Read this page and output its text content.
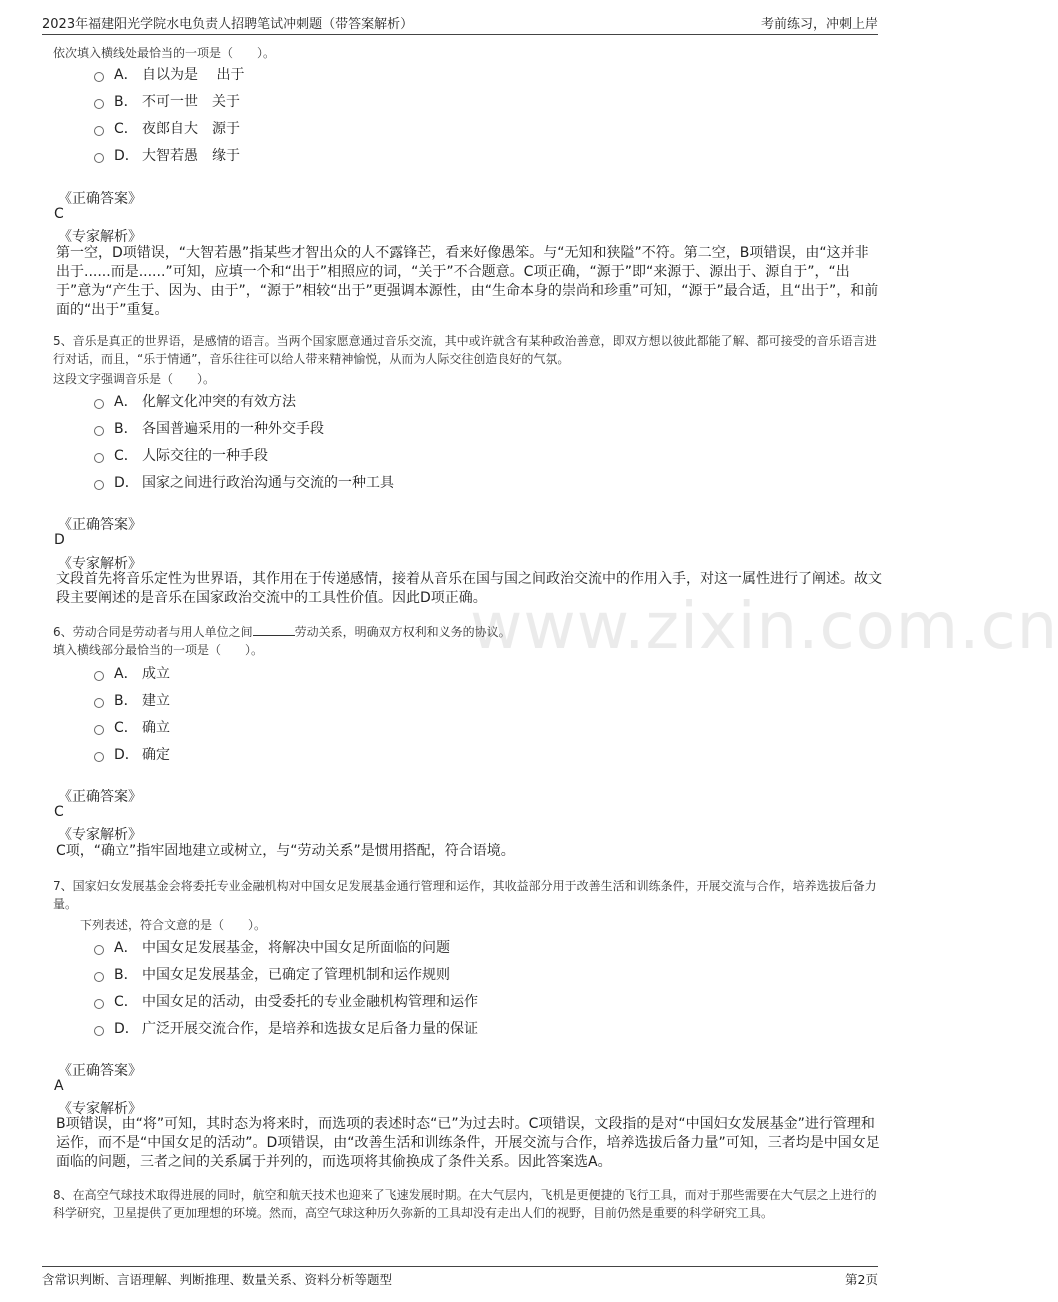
2023年福建阳光学院水电负责人招聘笔试冲刺题（带答案解析）	考前练习，冲刺上岸
www.zixin.com.cn
依次填入横线处最恰当的一项是（　　）。
A． 自以为是　 出于
B． 不可一世　关于
C． 夜郎自大　源于
D． 大智若愚　缘于
《正确答案》
C
《专家解析》
第一空，D项错误，“大智若愚”指某些才智出众的人不露锋芒，看来好像愚笨。与“无知和狭隘”不符。第二空，B项错误，由“这并非出于......而是......”可知，应填一个和“出于”相照应的词，“关于”不合题意。C项正确，“源于”即“来源于、源出于、源自于”，“出于”意为“产生于、因为、由于”，“源于”相较“出于”更强调本源性，由“生命本身的崇尚和珍重”可知，“源于”最合适，且“出于”，和前面的“出于”重复。
5、音乐是真正的世界语，是感情的语言。当两个国家愿意通过音乐交流，其中或许就含有某种政治善意，即双方想以彼此都能了解、都可接受的音乐语言进行对话，而且，“乐于情通”，音乐往往可以给人带来精神愉悦，从而为人际交往创造良好的气氛。
这段文字强调音乐是（　　）。
A． 化解文化冲突的有效方法
B． 各国普遍采用的一种外交手段
C． 人际交往的一种手段
D． 国家之间进行政治沟通与交流的一种工具
《正确答案》
D
《专家解析》
文段首先将音乐定性为世界语，其作用在于传递感情，接着从音乐在国与国之间政治交流中的作用入手，对这一属性进行了阐述。故文段主要阐述的是音乐在国家政治交流中的工具性价值。因此D项正确。
6、劳动合同是劳动者与用人单位之间	劳动关系，明确双方权利和义务的协议。
填入横线部分最恰当的一项是（　　）。
A． 成立
B． 建立
C． 确立
D． 确定
《正确答案》
C
《专家解析》
C项，“确立”指牢固地建立或树立，与“劳动关系”是惯用搭配，符合语境。
7、国家妇女发展基金会将委托专业金融机构对中国女足发展基金通行管理和运作，其收益部分用于改善生活和训练条件，开展交流与合作，培养选拔后备力量。
下列表述，符合文意的是（　　）。
A． 中国女足发展基金，将解决中国女足所面临的问题
B． 中国女足发展基金，已确定了管理机制和运作规则
C． 中国女足的活动，由受委托的专业金融机构管理和运作
D． 广泛开展交流合作，是培养和选拔女足后备力量的保证
《正确答案》
A
《专家解析》
B项错误，由“将”可知，其时态为将来时，而选项的表述时态“已”为过去时。C项错误，文段指的是对“中国妇女发展基金”进行管理和运作，而不是“中国女足的活动”。D项错误，由“改善生活和训练条件，开展交流与合作，培养选拔后备力量”可知，三者均是中国女足面临的问题，三者之间的关系属于并列的，而选项将其偷换成了条件关系。因此答案选A。
8、在高空气球技术取得进展的同时，航空和航天技术也迎来了飞速发展时期。在大气层内，飞机是更便捷的飞行工具，而对于那些需要在大气层之上进行的科学研究，卫星提供了更加理想的环境。然而，高空气球这种历久弥新的工具却没有走出人们的视野，目前仍然是重要的科学研究工具。
含常识判断、言语理解、判断推理、数量关系、资料分析等题型	第2页
